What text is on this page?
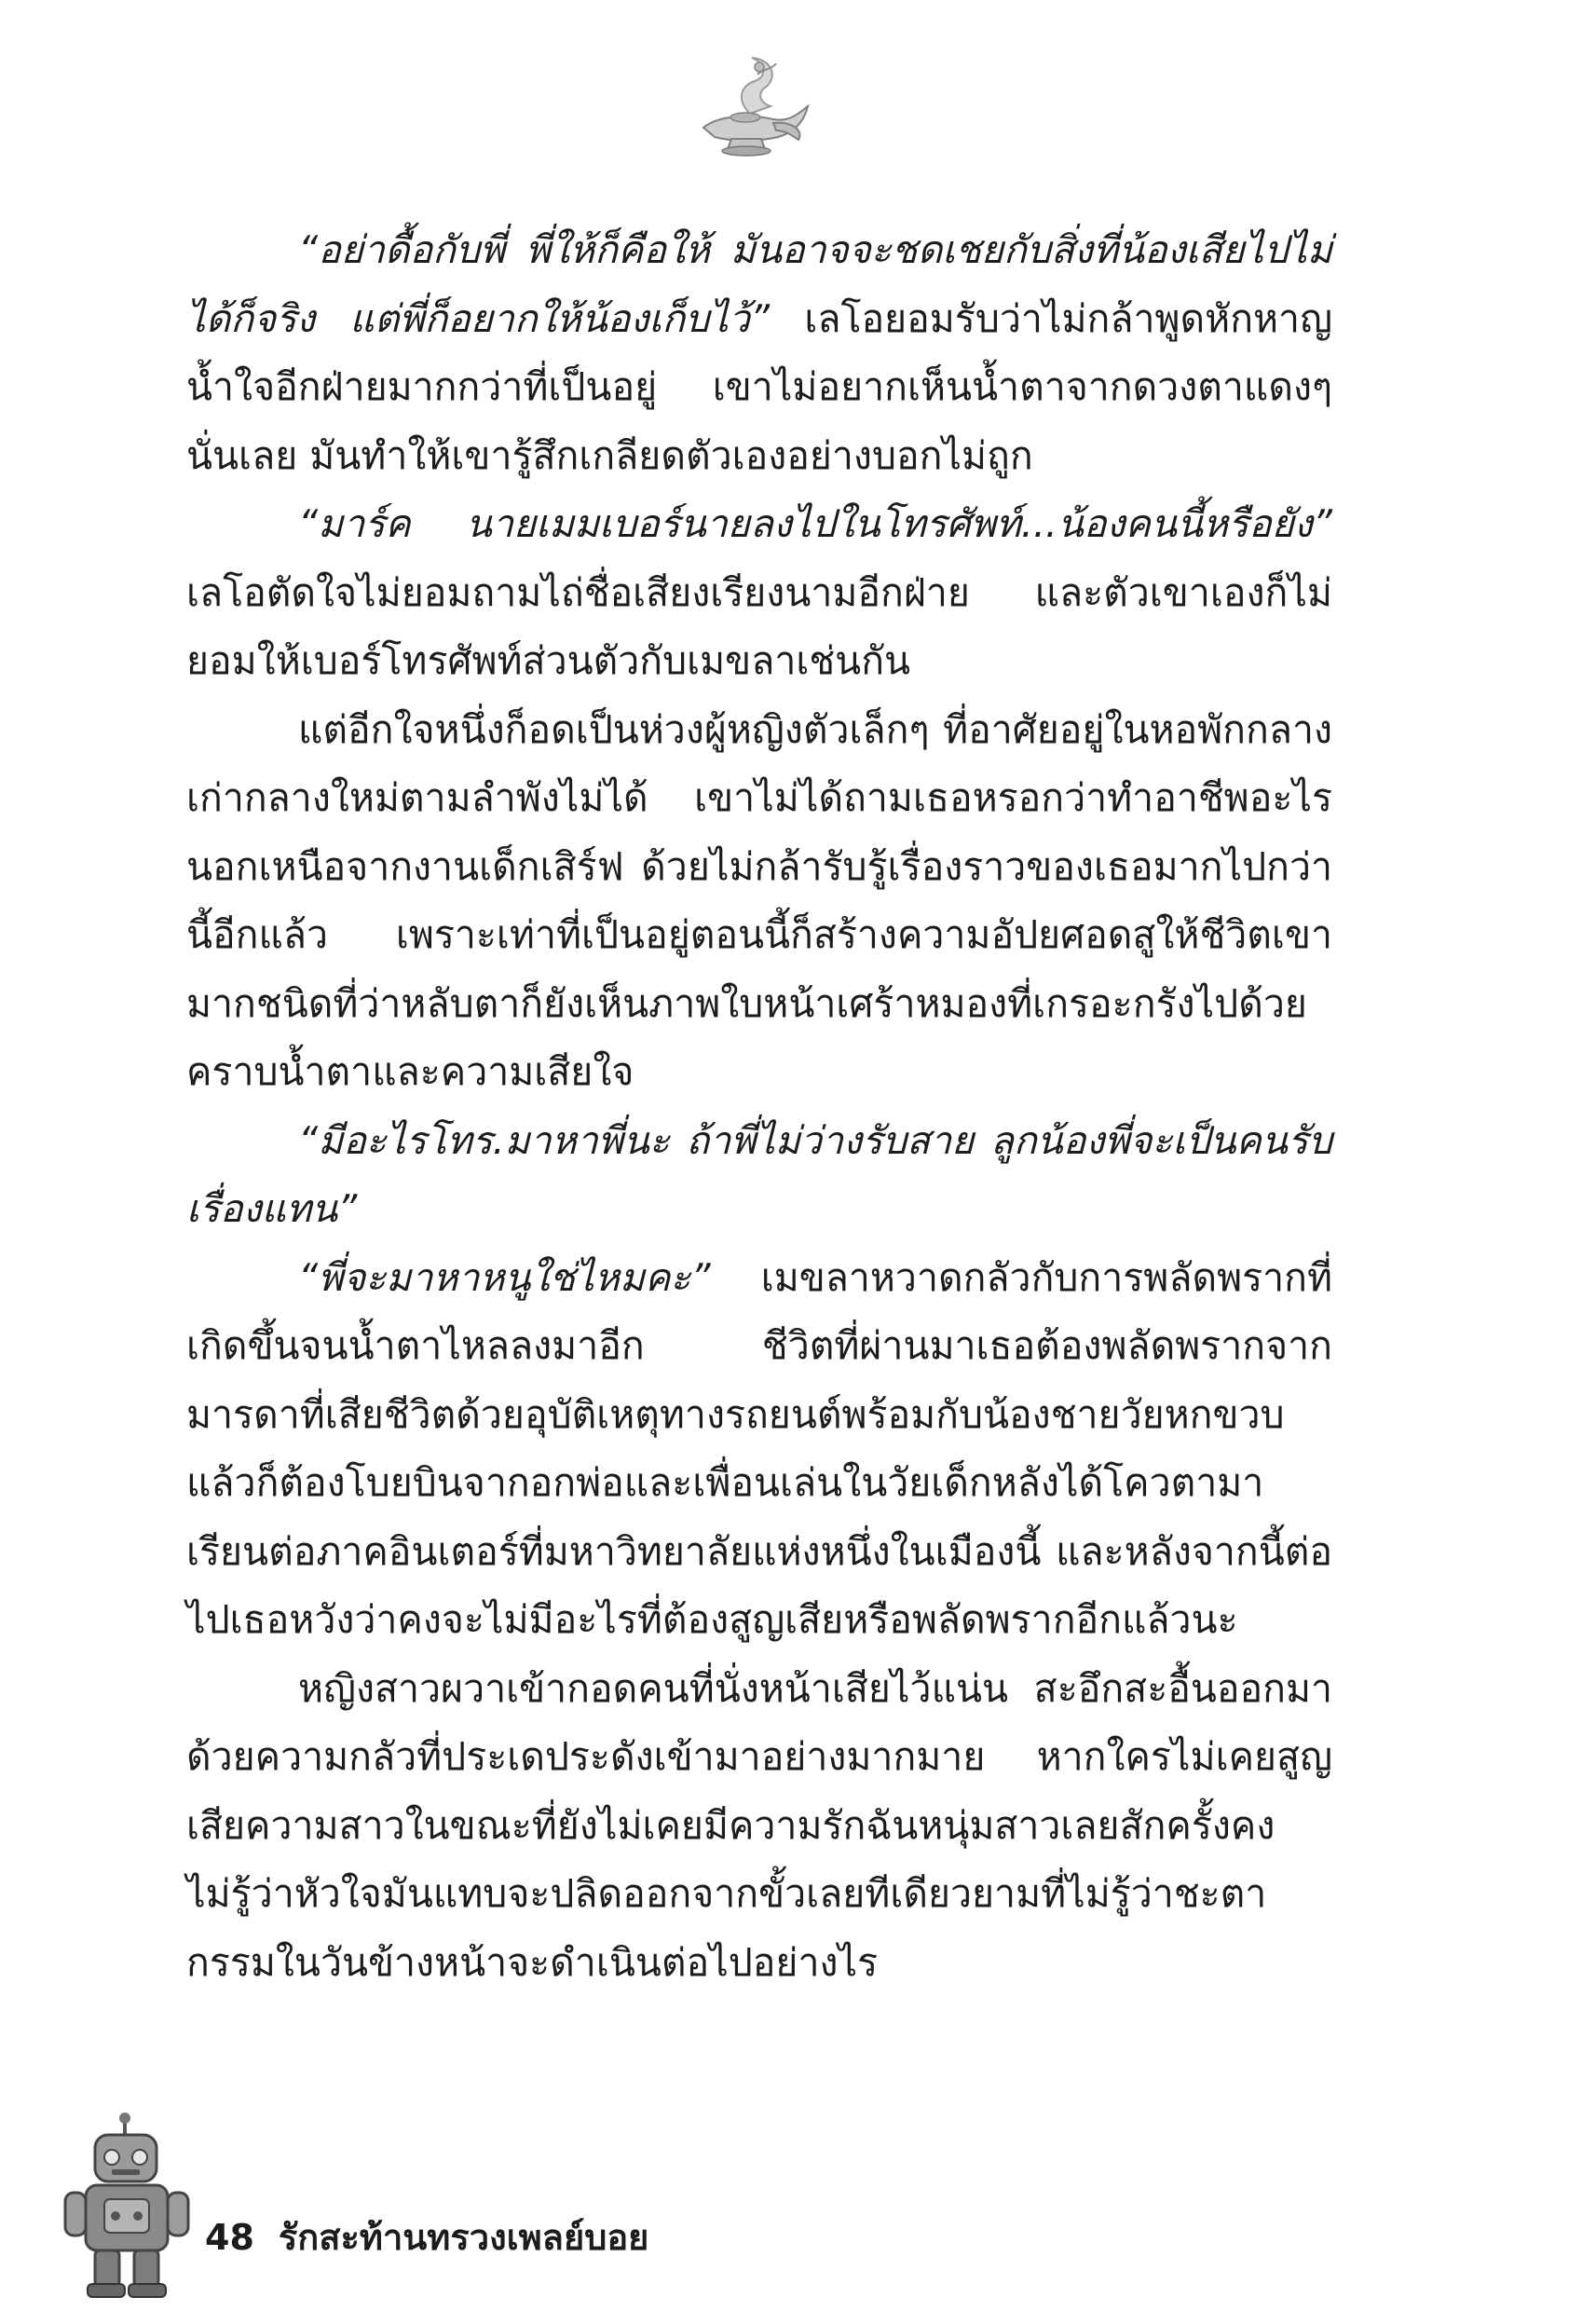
“อย่าดื้อกับพี่ พี่ให้ก็คือให้ มันอาจจะชดเชยกับสิ่งที่น้องเสียไปไม่ได้ก็จริง แต่พี่ก็อยากให้น้องเก็บไว้” เลโอยอมรับว่าไม่กล้าพูดหักหาญน้ำใจอีกฝ่ายมากกว่าที่เป็นอยู่ เขาไม่อยากเห็นน้ำตาจากดวงตาแดงๆ นั่นเลย มันทำให้เขารู้สึกเกลียดตัวเองอย่างบอกไม่ถูก

“มาร์ค นายเมมเบอร์นายลงไปในโทรศัพท์...น้องคนนี้หรือยัง” เลโอตัดใจไม่ยอมถามไถ่ชื่อเสียงเรียงนามอีกฝ่าย และตัวเขาเองก็ไม่ยอมให้เบอร์โทรศัพท์ส่วนตัวกับเมขลาเช่นกัน

แต่อีกใจหนึ่งก็อดเป็นห่วงผู้หญิงตัวเล็กๆ ที่อาศัยอยู่ในหอพักกลางเก่ากลางใหม่ตามลำพังไม่ได้ เขาไม่ได้ถามเธอหรอกว่าทำอาชีพอะไรนอกเหนือจากงานเด็กเสิร์ฟ ด้วยไม่กล้ารับรู้เรื่องราวของเธอมากไปกว่านี้อีกแล้ว เพราะเท่าที่เป็นอยู่ตอนนี้ก็สร้างความอัปยศอดสูให้ชีวิตเขามากชนิดที่ว่าหลับตาก็ยังเห็นภาพใบหน้าเศร้าหมองที่เกรอะกรังไปด้วยคราบน้ำตาและความเสียใจ

“มีอะไรโทร.มาหาพี่นะ ถ้าพี่ไม่ว่างรับสาย ลูกน้องพี่จะเป็นคนรับเรื่องแทน”

“พี่จะมาหาหนูใช่ไหมคะ” เมขลาหวาดกลัวกับการพลัดพรากที่เกิดขึ้นจนน้ำตาไหลลงมาอีก ชีวิตที่ผ่านมาเธอต้องพลัดพรากจากมารดาที่เสียชีวิตด้วยอุบัติเหตุทางรถยนต์พร้อมกับน้องชายวัยหกขวบ แล้วก็ต้องโบยบินจากอกพ่อและเพื่อนเล่นในวัยเด็กหลังได้โควตามาเรียนต่อภาคอินเตอร์ที่มหาวิทยาลัยแห่งหนึ่งในเมืองนี้ และหลังจากนี้ต่อไปเธอหวังว่าคงจะไม่มีอะไรที่ต้องสูญเสียหรือพลัดพรากอีกแล้วนะ

หญิงสาวผวาเข้ากอดคนที่นั่งหน้าเสียไว้แน่น สะอึกสะอื้นออกมาด้วยความกลัวที่ประเดประดังเข้ามาอย่างมากมาย หากใครไม่เคยสูญเสียความสาวในขณะที่ยังไม่เคยมีความรักฉันหนุ่มสาวเลยสักครั้งคงไม่รู้ว่าหัวใจมันแทบจะปลิดออกจากขั้วเลยทีเดียวยามที่ไม่รู้ว่าชะตากรรมในวันข้างหน้าจะดำเนินต่อไปอย่างไร

48 รักสะท้านทรวงเพลย์บอย
